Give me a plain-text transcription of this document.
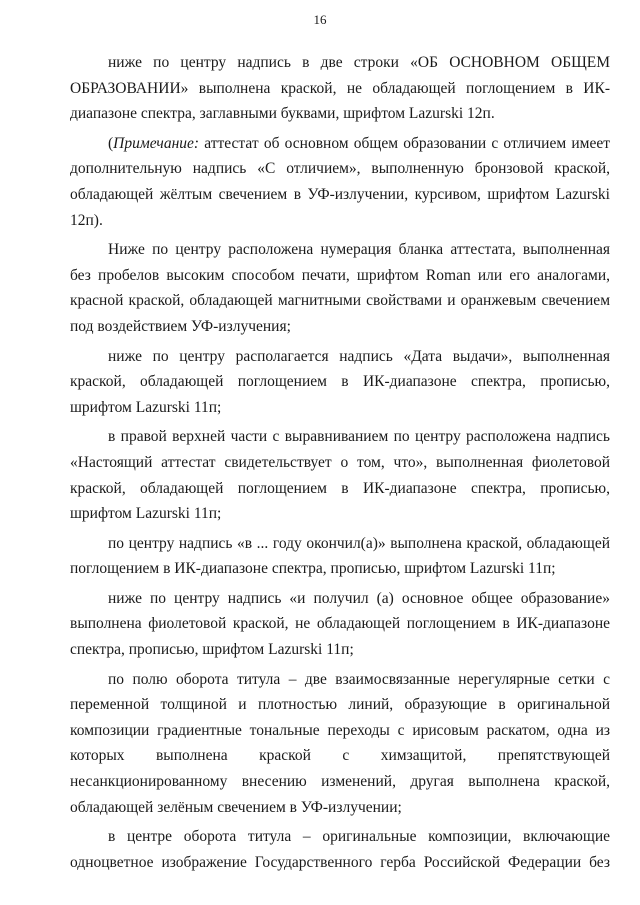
16

ниже по центру надпись в две строки «ОБ ОСНОВНОМ ОБЩЕМ ОБРАЗОВАНИИ» выполнена краской, не обладающей поглощением в ИК-диапазоне спектра, заглавными буквами, шрифтом Lazurski 12п.

(Примечание: аттестат об основном общем образовании с отличием имеет дополнительную надпись «С отличием», выполненную бронзовой краской, обладающей жёлтым свечением в УФ-излучении, курсивом, шрифтом Lazurski 12п).

Ниже по центру расположена нумерация бланка аттестата, выполненная без пробелов высоким способом печати, шрифтом Roman или его аналогами, красной краской, обладающей магнитными свойствами и оранжевым свечением под воздействием УФ-излучения;

ниже по центру располагается надпись «Дата выдачи», выполненная краской, обладающей поглощением в ИК-диапазоне спектра, прописью, шрифтом Lazurski 11п;

в правой верхней части с выравниванием по центру расположена надпись «Настоящий аттестат свидетельствует о том, что», выполненная фиолетовой краской, обладающей поглощением в ИК-диапазоне спектра, прописью, шрифтом Lazurski 11п;

по центру надпись «в ... году окончил(а)» выполнена краской, обладающей поглощением в ИК-диапазоне спектра, прописью, шрифтом Lazurski 11п;

ниже по центру надпись «и получил (а) основное общее образование» выполнена фиолетовой краской, не обладающей поглощением в ИК-диапазоне спектра, прописью, шрифтом Lazurski 11п;

по полю оборота титула – две взаимосвязанные нерегулярные сетки с переменной толщиной и плотностью линий, образующие в оригинальной композиции градиентные тональные переходы с ирисовым раскатом, одна из которых выполнена краской с химзащитой, препятствующей несанкционированному внесению изменений, другая выполнена краской, обладающей зелёным свечением в УФ-излучении;

в центре оборота титула – оригинальные композиции, включающие одноцветное изображение Государственного герба Российской Федерации без
